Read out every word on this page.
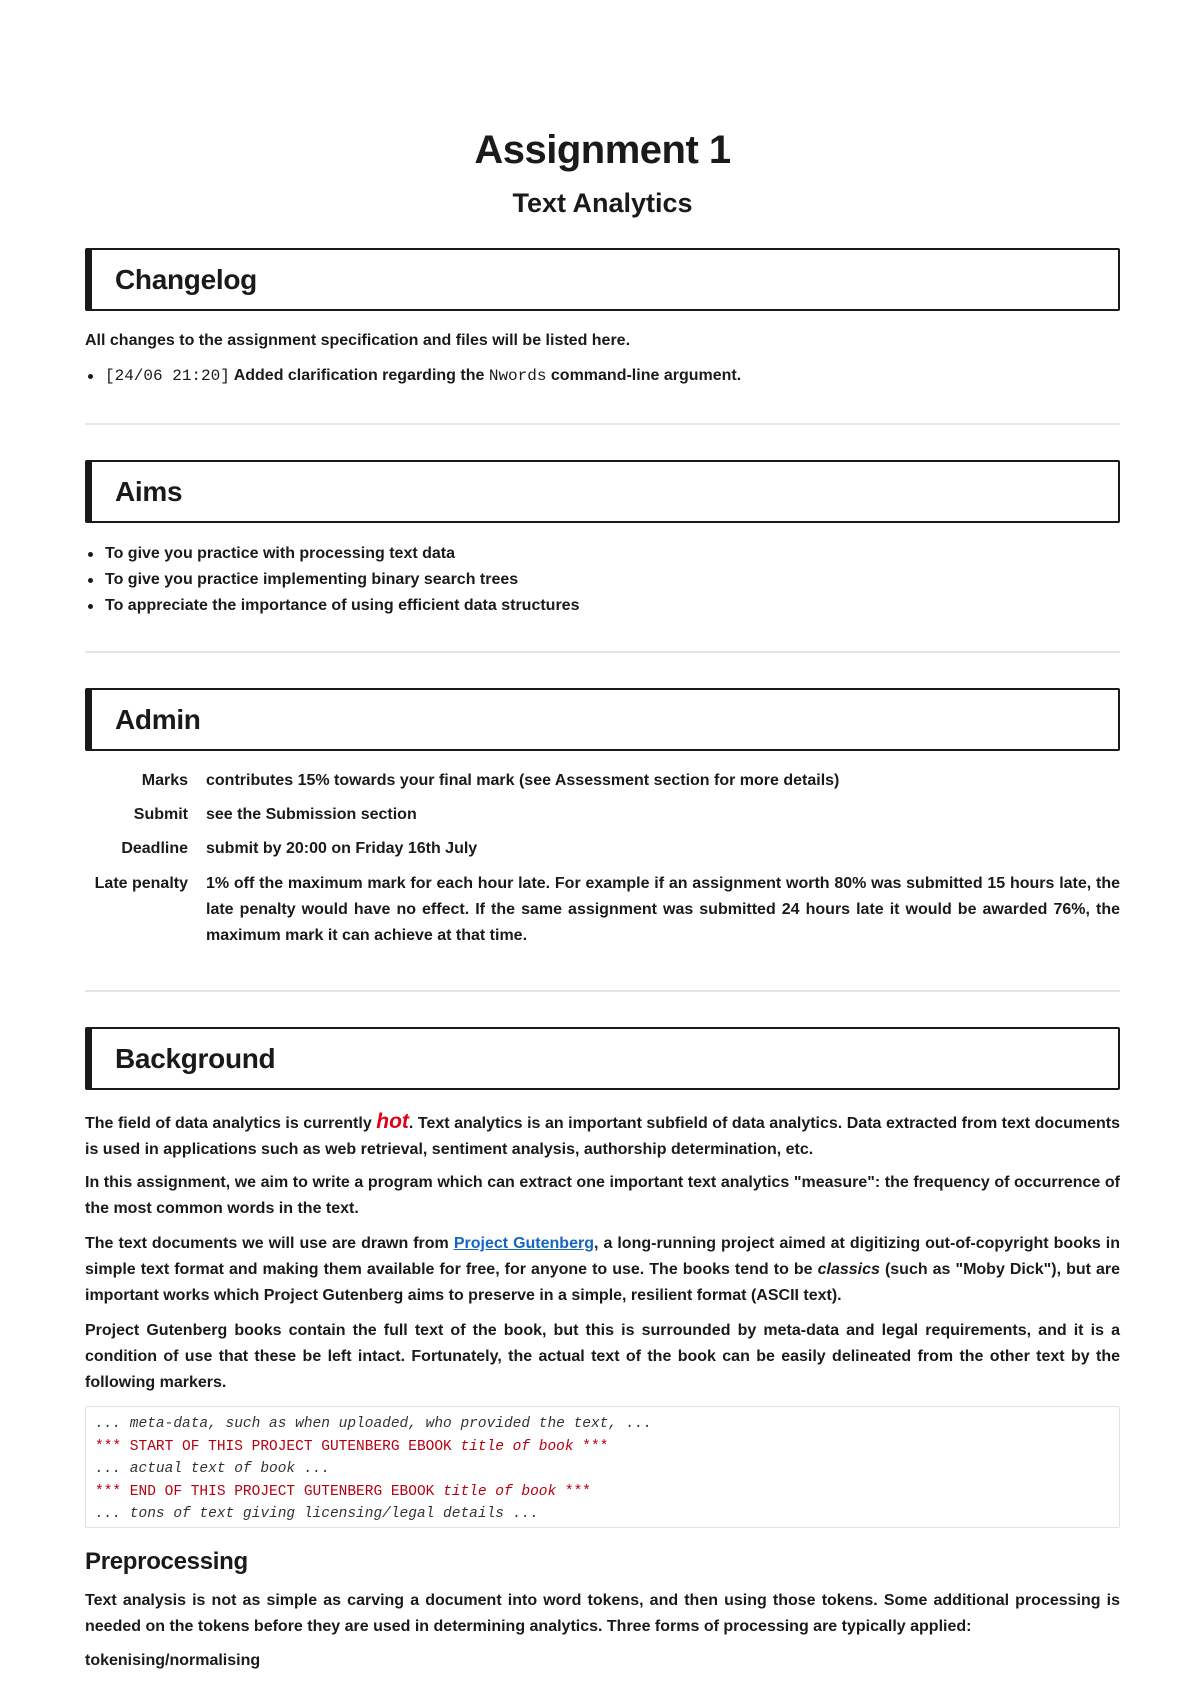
Assignment 1
Text Analytics
Changelog

All changes to the assignment specification and files will be listed here.

[24/06 21:20] Added clarification regarding the Nwords command-line argument.
Aims
To give you practice with processing text data
To give you practice implementing binary search trees
To appreciate the importance of using efficient data structures
Admin
Marks contributes 15% towards your final mark (see Assessment section for more details)
Submit see the Submission section
Deadline submit by 20:00 on Friday 16th July
Late penalty 1% off the maximum mark for each hour late. For example if an assignment worth 80% was submitted 15 hours late, the late penalty would have no effect. If the same assignment was submitted 24 hours late it would be awarded 76%, the maximum mark it can achieve at that time.
Background

The field of data analytics is currently hot. Text analytics is an important subfield of data analytics. Data extracted from text documents is used in applications such as web retrieval, sentiment analysis, authorship determination, etc.

In this assignment, we aim to write a program which can extract one important text analytics "measure": the frequency of occurrence of the most common words in the text.

The text documents we will use are drawn from Project Gutenberg, a long-running project aimed at digitizing out-of-copyright books in simple text format and making them available for free, for anyone to use. The books tend to be classics (such as "Moby Dick"), but are important works which Project Gutenberg aims to preserve in a simple, resilient format (ASCII text).

Project Gutenberg books contain the full text of the book, but this is surrounded by meta-data and legal requirements, and it is a condition of use that these be left intact. Fortunately, the actual text of the book can be easily delineated from the other text by the following markers.

... meta-data, such as when uploaded, who provided the text, ...
*** START OF THIS PROJECT GUTENBERG EBOOK title of book ***
... actual text of book ...
*** END OF THIS PROJECT GUTENBERG EBOOK title of book ***
... tons of text giving licensing/legal details ...
Preprocessing

Text analysis is not as simple as carving a document into word tokens, and then using those tokens. Some additional processing is needed on the tokens before they are used in determining analytics. Three forms of processing are typically applied:

tokenising/normalising
